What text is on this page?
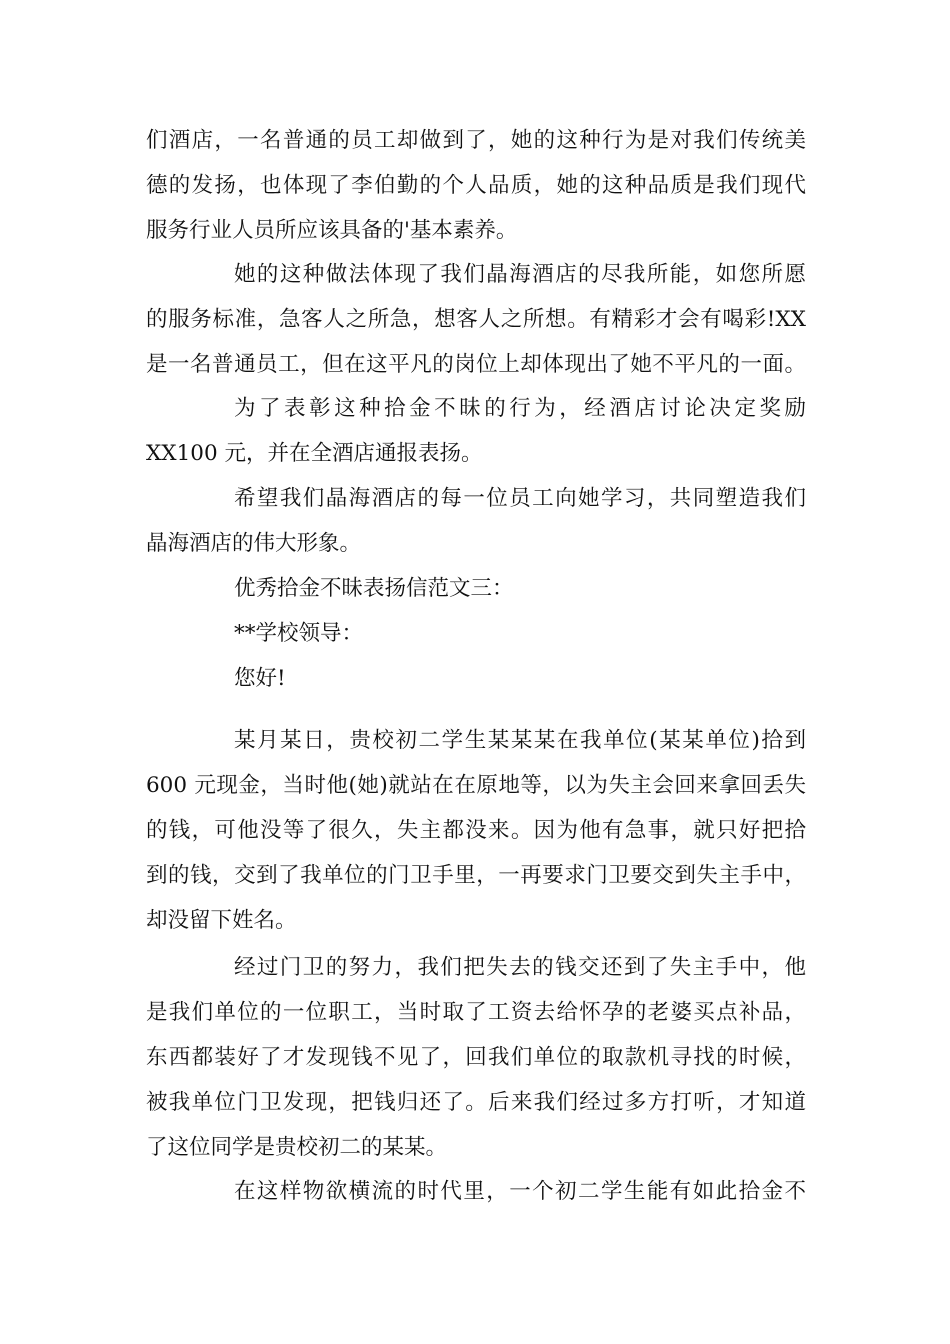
们酒店，一名普通的员工却做到了，她的这种行为是对我们传统美
德的发扬，也体现了李伯勤的个人品质，她的这种品质是我们现代
服务行业人员所应该具备的'基本素养。
她的这种做法体现了我们晶海酒店的尽我所能，如您所愿
的服务标准，急客人之所急，想客人之所想。有精彩才会有喝彩!XX
是一名普通员工，但在这平凡的岗位上却体现出了她不平凡的一面。
为了表彰这种拾金不昧的行为，经酒店讨论决定奖励
XX100 元，并在全酒店通报表扬。
希望我们晶海酒店的每一位员工向她学习，共同塑造我们
晶海酒店的伟大形象。
优秀拾金不昧表扬信范文三：
**学校领导：
您好!
某月某日，贵校初二学生某某某在我单位(某某单位)拾到
600 元现金，当时他(她)就站在在原地等，以为失主会回来拿回丢失
的钱，可他没等了很久，失主都没来。因为他有急事，就只好把拾
到的钱，交到了我单位的门卫手里，一再要求门卫要交到失主手中，
却没留下姓名。
经过门卫的努力，我们把失去的钱交还到了失主手中，他
是我们单位的一位职工，当时取了工资去给怀孕的老婆买点补品，
东西都装好了才发现钱不见了，回我们单位的取款机寻找的时候，
被我单位门卫发现，把钱归还了。后来我们经过多方打听，才知道
了这位同学是贵校初二的某某。
在这样物欲横流的时代里，一个初二学生能有如此拾金不
